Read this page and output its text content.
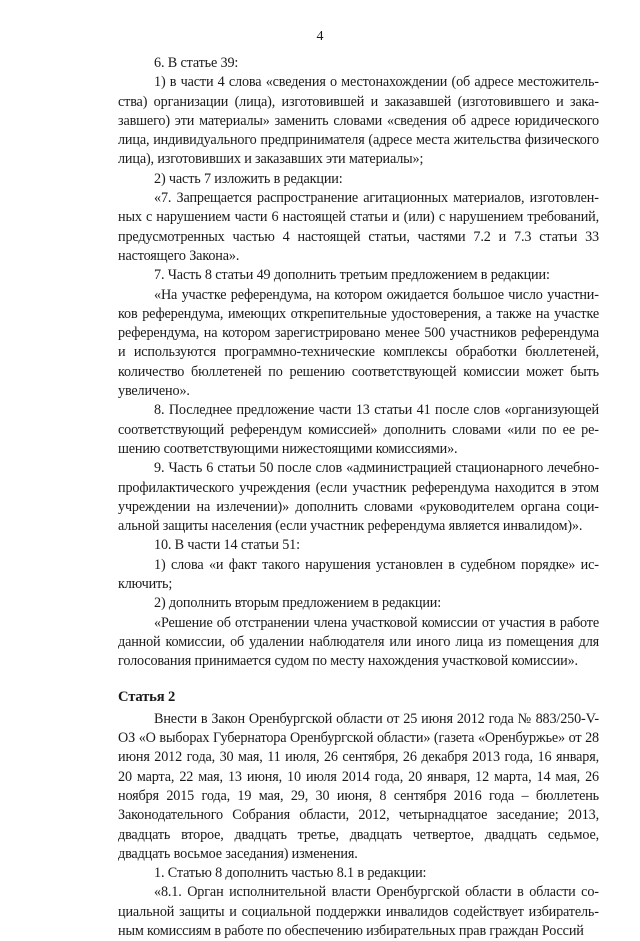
4

6. В статье 39:

1) в части 4 слова «сведения о местонахождении (об адресе местожительства) организации (лица), изготовившей и заказавшей (изготовившего и заказавшего) эти материалы» заменить словами «сведения об адресе юридического лица, индивидуального предпринимателя (адресе места жительства физического лица), изготовивших и заказавших эти материалы»;

2) часть 7 изложить в редакции:

«7. Запрещается распространение агитационных материалов, изготовленных с нарушением части 6 настоящей статьи и (или) с нарушением требований, предусмотренных частью 4 настоящей статьи, частями 7.2 и 7.3 статьи 33 настоящего Закона».

7. Часть 8 статьи 49 дополнить третьим предложением в редакции:

«На участке референдума, на котором ожидается большое число участников референдума, имеющих открепительные удостоверения, а также на участке референдума, на котором зарегистрировано менее 500 участников референдума и используются программно-технические комплексы обработки бюллетеней, количество бюллетеней по решению соответствующей комиссии может быть увеличено».

8. Последнее предложение части 13 статьи 41 после слов «организующей соответствующий референдум комиссией» дополнить словами «или по ее решению соответствующими нижестоящими комиссиями».

9. Часть 6 статьи 50 после слов «администрацией стационарного лечебно-профилактического учреждения (если участник референдума находится в этом учреждении на излечении)» дополнить словами «руководителем органа социальной защиты населения (если участник референдума является инвалидом)».

10. В части 14 статьи 51:

1) слова «и факт такого нарушения установлен в судебном порядке» исключить;

2) дополнить вторым предложением в редакции:

«Решение об отстранении члена участковой комиссии от участия в работе данной комиссии, об удалении наблюдателя или иного лица из помещения для голосования принимается судом по месту нахождения участковой комиссии».

Статья 2

Внести в Закон Оренбургской области от 25 июня 2012 года № 883/250-V-ОЗ «О выборах Губернатора Оренбургской области» (газета «Оренбуржье» от 28 июня 2012 года, 30 мая, 11 июля, 26 сентября, 26 декабря 2013 года, 16 января, 20 марта, 22 мая, 13 июня, 10 июля 2014 года, 20 января, 12 марта, 14 мая, 26 ноября 2015 года, 19 мая, 29, 30 июня, 8 сентября 2016 года – бюллетень Законодательного Собрания области, 2012, четырнадцатое заседание; 2013, двадцать второе, двадцать третье, двадцать четвертое, двадцать седьмое, двадцать восьмое заседания) изменения.

1. Статью 8 дополнить частью 8.1 в редакции:

«8.1. Орган исполнительной власти Оренбургской области в области социальной защиты и социальной поддержки инвалидов содействует избирательным комиссиям в работе по обеспечению избирательных прав граждан Россий
